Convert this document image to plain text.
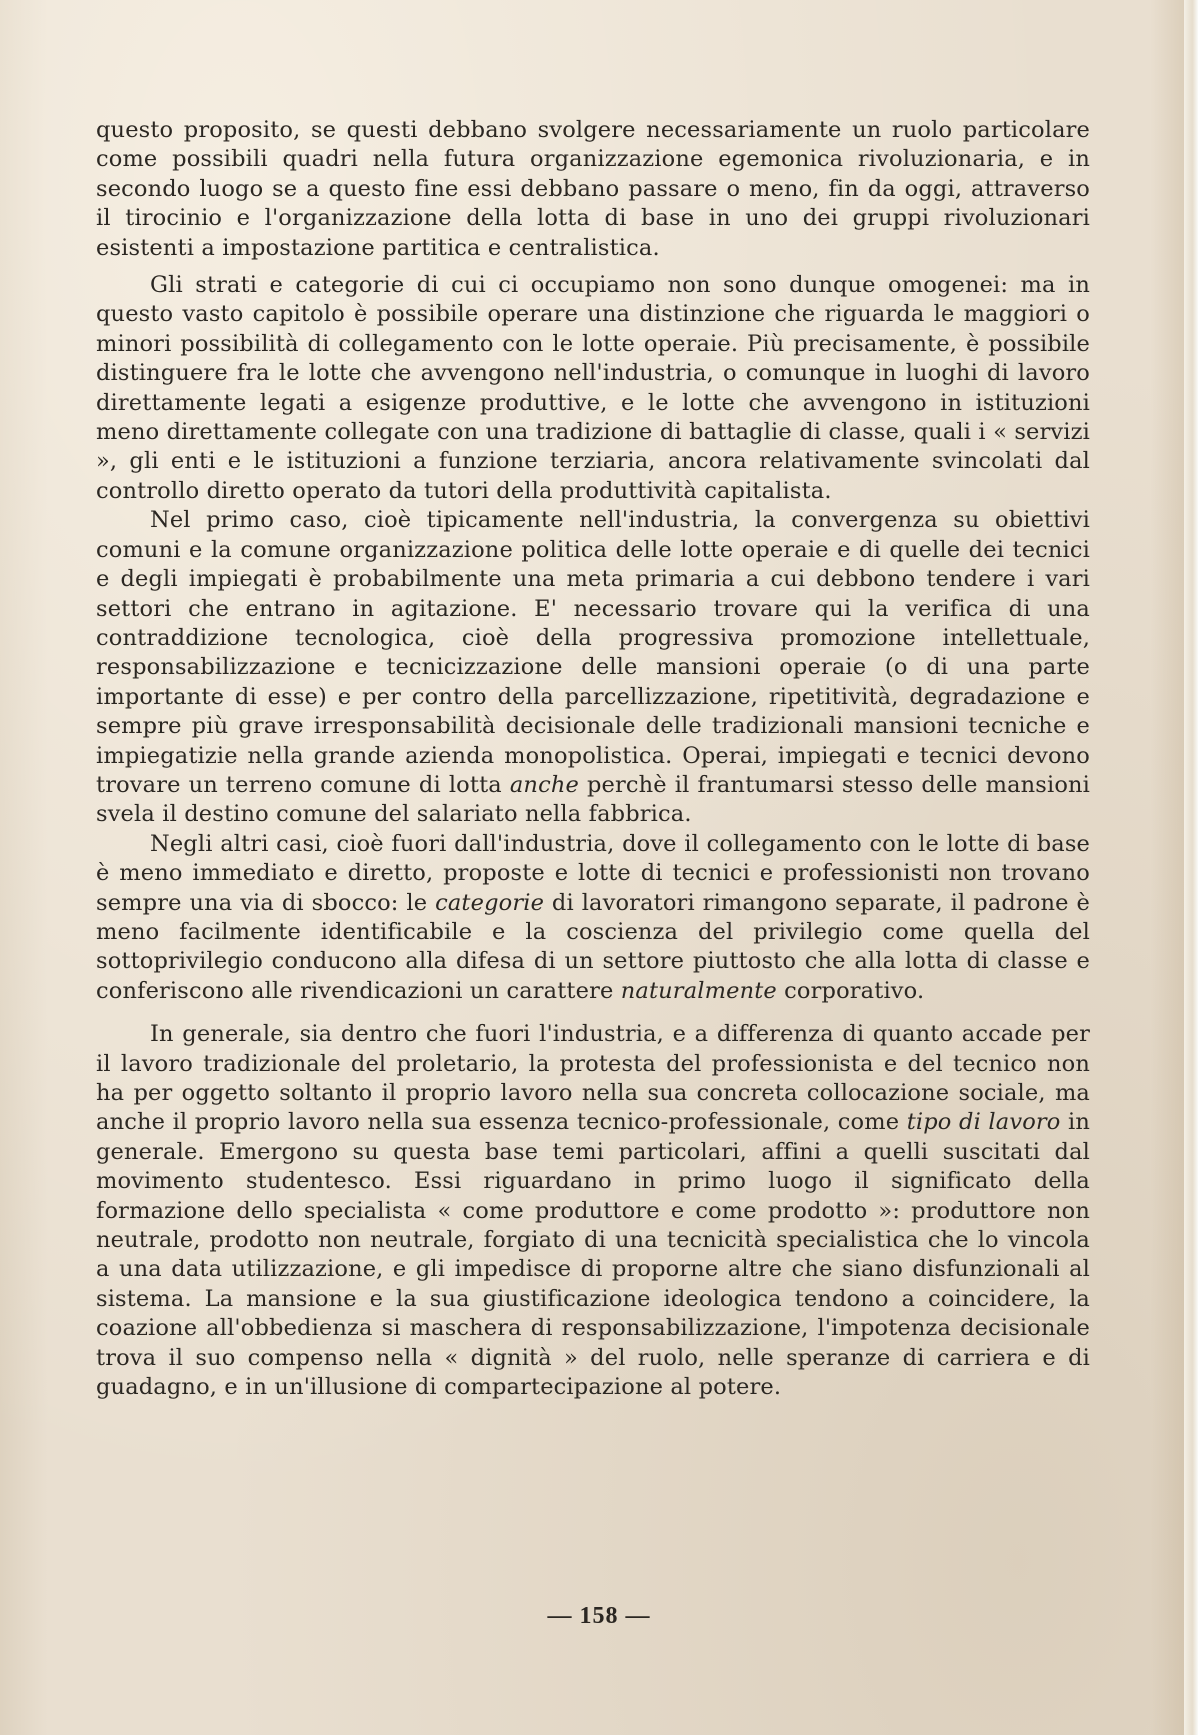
questo proposito, se questi debbano svolgere necessariamente un ruolo particolare come possibili quadri nella futura organizzazione egemonica rivoluzionaria, e in secondo luogo se a questo fine essi debbano passare o meno, fin da oggi, attraverso il tirocinio e l'organizzazione della lotta di base in uno dei gruppi rivoluzionari esistenti a impostazione partitica e centralistica.

Gli strati e categorie di cui ci occupiamo non sono dunque omogenei: ma in questo vasto capitolo è possibile operare una distinzione che riguarda le maggiori o minori possibilità di collegamento con le lotte operaie. Più precisamente, è possibile distinguere fra le lotte che avvengono nell'industria, o comunque in luoghi di lavoro direttamente legati a esigenze produttive, e le lotte che avvengono in istituzioni meno direttamente collegate con una tradizione di battaglie di classe, quali i « servizi », gli enti e le istituzioni a funzione terziaria, ancora relativamente svincolati dal controllo diretto operato da tutori della produttività capitalista.

Nel primo caso, cioè tipicamente nell'industria, la convergenza su obiettivi comuni e la comune organizzazione politica delle lotte operaie e di quelle dei tecnici e degli impiegati è probabilmente una meta primaria a cui debbono tendere i vari settori che entrano in agitazione. E' necessario trovare qui la verifica di una contraddizione tecnologica, cioè della progressiva promozione intellettuale, responsabilizzazione e tecnicizzazione delle mansioni operaie (o di una parte importante di esse) e per contro della parcellizzazione, ripetitività, degradazione e sempre più grave irresponsabilità decisionale delle tradizionali mansioni tecniche e impiegatizie nella grande azienda monopolistica. Operai, impiegati e tecnici devono trovare un terreno comune di lotta anche perchè il frantumarsi stesso delle mansioni svela il destino comune del salariato nella fabbrica.

Negli altri casi, cioè fuori dall'industria, dove il collegamento con le lotte di base è meno immediato e diretto, proposte e lotte di tecnici e professionisti non trovano sempre una via di sbocco: le categorie di lavoratori rimangono separate, il padrone è meno facilmente identificabile e la coscienza del privilegio come quella del sottoprivilegio conducono alla difesa di un settore piuttosto che alla lotta di classe e conferiscono alle rivendicazioni un carattere naturalmente corporativo.

In generale, sia dentro che fuori l'industria, e a differenza di quanto accade per il lavoro tradizionale del proletario, la protesta del professionista e del tecnico non ha per oggetto soltanto il proprio lavoro nella sua concreta collocazione sociale, ma anche il proprio lavoro nella sua essenza tecnico-professionale, come tipo di lavoro in generale. Emergono su questa base temi particolari, affini a quelli suscitati dal movimento studentesco. Essi riguardano in primo luogo il significato della formazione dello specialista « come produttore e come prodotto »: produttore non neutrale, prodotto non neutrale, forgiato di una tecnicità specialistica che lo vincola a una data utilizzazione, e gli impedisce di proporne altre che siano disfunzionali al sistema. La mansione e la sua giustificazione ideologica tendono a coincidere, la coazione all'obbedienza si maschera di responsabilizzazione, l'impotenza decisionale trova il suo compenso nella « dignità » del ruolo, nelle speranze di carriera e di guadagno, e in un'illusione di compartecipazione al potere.

— 158 —
